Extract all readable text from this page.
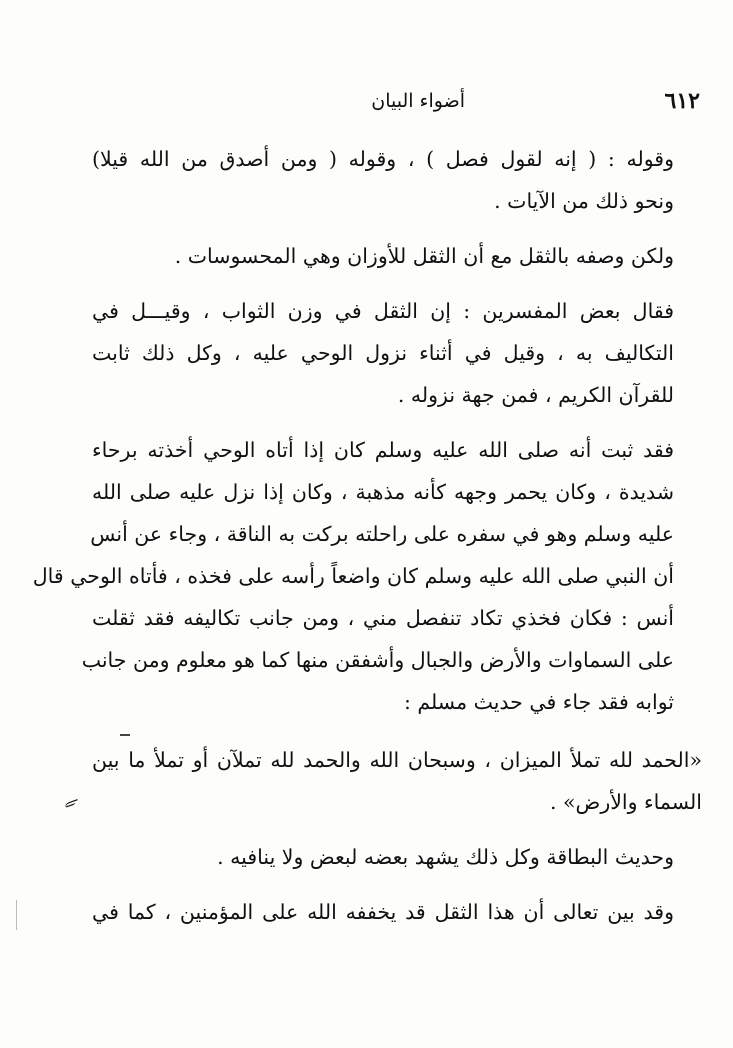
٦١٢
أضواء البيان

وقوله : ( إنه لقول فصل ) ، وقوله ( ومن أصدق من الله قيلا)
ونحو ذلك من الآيات .

ولكن وصفه بالثقل مع أن الثقل للأوزان وهي المحسوسات .

فقال بعض المفسرين : إن الثقل في وزن الثواب ، وقيـــل في
التكاليف به ، وقيل في أثناء نزول الوحي عليه ، وكل ذلك ثابت
للقرآن الكريم ، فمن جهة نزوله .

فقد ثبت أنه صلى الله عليه وسلم كان إذا أتاه الوحي أخذته برحاء
شديدة ، وكان يحمر وجهه كأنه مذهبة ، وكان إذا نزل عليه صلى الله
عليه وسلم وهو في سفره على راحلته بركت به الناقة ، وجاء عن أنس
أن النبي صلى الله عليه وسلم كان واضعاً رأسه على فخذه ، فأتاه الوحي قال
أنس : فكان فخذي تكاد تنفصل مني ، ومن جانب تكاليفه فقد ثقلت
على السماوات والأرض والجبال وأشفقن منها كما هو معلوم ومن جانب
ثوابه فقد جاء في حديث مسلم :

«الحمد لله تملأ الميزان ، وسبحان الله والحمد لله تملآن أو تملأ ما بين
السماء والأرض» .

وحديث البطاقة وكل ذلك يشهد بعضه لبعض ولا ينافيه .

وقد بين تعالى أن هذا الثقل قد يخففه الله على المؤمنين ، كما في

ـﮯ
